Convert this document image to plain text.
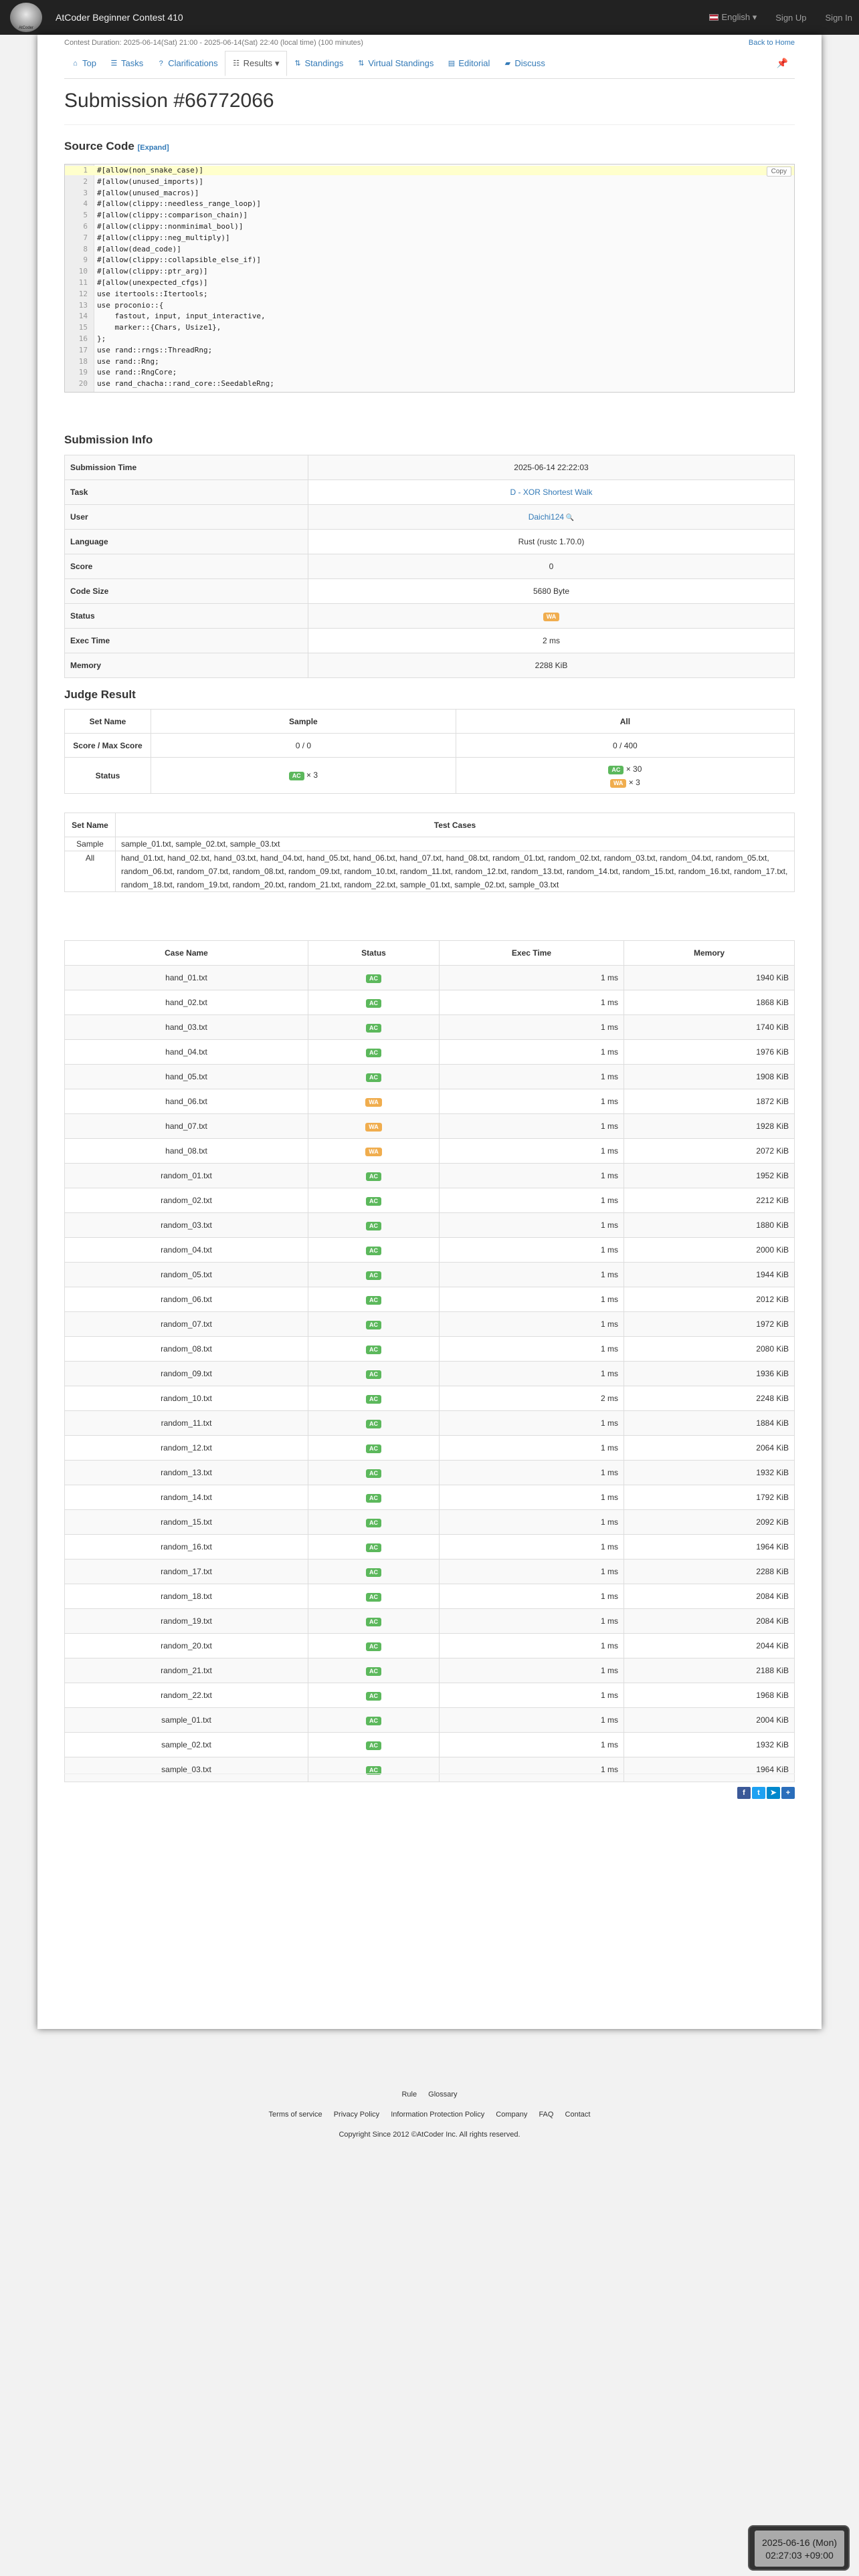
AtCoder
AtCoder Beginner Contest 410	English ▾ Sign Up Sign In
Contest Duration: 2025-06-14(Sat) 21:00 - 2025-06-14(Sat) 22:40 (local time) (100 minutes)	Back to Home
⌂ Top ☰ Tasks	? Clarifications ☷ Results ▾ ⇅ Standings ⇅ Virtual Standings ▤ Editorial ▰ Discuss	📌
Submission #66772066
Source Code [Expand]
1 #[allow(non_snake_case)]
2 #[allow(unused_imports)]
3 #[allow(unused_macros)]
4 #[allow(clippy::needless_range_loop)]
5 #[allow(clippy::comparison_chain)]
6 #[allow(clippy::nonminimal_bool)]
7 #[allow(clippy::neg_multiply)]
8 #[allow(dead_code)]
9 #[allow(clippy::collapsible_else_if)]
10 #[allow(clippy::ptr_arg)]
11 #[allow(unexpected_cfgs)]
12 use itertools::Itertools;
13 use proconio::{
14 fastout, input, input_interactive,
15 marker::{Chars, Usize1},
16 };
17 use rand::rngs::ThreadRng;
18 use rand::Rng;
19 use rand::RngCore;
20 use rand_chacha::rand_core::SeedableRng;
Copy
Submission Info
Submission Time	2025-06-14 22:22:03
Task	D - XOR Shortest Walk
User	Daichi124 🔍
Language	Rust (rustc 1.70.0)
Score	0
Code Size	5680 Byte
Status	WA
Exec Time	2 ms
Memory	2288 KiB
Judge Result
Set Name	Sample	All
Score / Max Score	0 / 0	0 / 400
Status	AC × 3	AC × 30
WA × 3
Set Name	Test Cases
Sample	sample_01.txt, sample_02.txt, sample_03.txt
All	hand_01.txt, hand_02.txt, hand_03.txt, hand_04.txt, hand_05.txt, hand_06.txt, hand_07.txt, hand_08.txt, random_01.txt, random_02.txt, random_03.txt, random_04.txt, random_05.txt, random_06.txt, random_07.txt, random_08.txt, random_09.txt, random_10.txt, random_11.txt, random_12.txt, random_13.txt, random_14.txt, random_15.txt, random_16.txt, random_17.txt, random_18.txt, random_19.txt, random_20.txt, random_21.txt, random_22.txt, sample_01.txt, sample_02.txt, sample_03.txt
Case Name	Status	Exec Time	Memory
hand_01.txt	AC	1 ms	1940 KiB
hand_02.txt	AC	1 ms	1868 KiB
hand_03.txt	AC	1 ms	1740 KiB
hand_04.txt	AC	1 ms	1976 KiB
hand_05.txt	AC	1 ms	1908 KiB
hand_06.txt	WA	1 ms	1872 KiB
hand_07.txt	WA	1 ms	1928 KiB
hand_08.txt	WA	1 ms	2072 KiB
random_01.txt	AC	1 ms	1952 KiB
random_02.txt	AC	1 ms	2212 KiB
random_03.txt	AC	1 ms	1880 KiB
random_04.txt	AC	1 ms	2000 KiB
random_05.txt	AC	1 ms	1944 KiB
random_06.txt	AC	1 ms	2012 KiB
random_07.txt	AC	1 ms	1972 KiB
random_08.txt	AC	1 ms	2080 KiB
random_09.txt	AC	1 ms	1936 KiB
random_10.txt	AC	2 ms	2248 KiB
random_11.txt	AC	1 ms	1884 KiB
random_12.txt	AC	1 ms	2064 KiB
random_13.txt	AC	1 ms	1932 KiB
random_14.txt	AC	1 ms	1792 KiB
random_15.txt	AC	1 ms	2092 KiB
random_16.txt	AC	1 ms	1964 KiB
random_17.txt	AC	1 ms	2288 KiB
random_18.txt	AC	1 ms	2084 KiB
random_19.txt	AC	1 ms	2084 KiB
random_20.txt	AC	1 ms	2044 KiB
random_21.txt	AC	1 ms	2188 KiB
random_22.txt	AC	1 ms	1968 KiB
sample_01.txt	AC	1 ms	2004 KiB
sample_02.txt	AC	1 ms	1932 KiB
sample_03.txt	AC	1 ms	1964 KiB
f	t	➤	+
Rule Glossary
Terms of service Privacy Policy Information Protection Policy Company FAQ Contact
Copyright Since 2012 ©AtCoder Inc. All rights reserved.
2025-06-16 (Mon)
02:27:03 +09:00
